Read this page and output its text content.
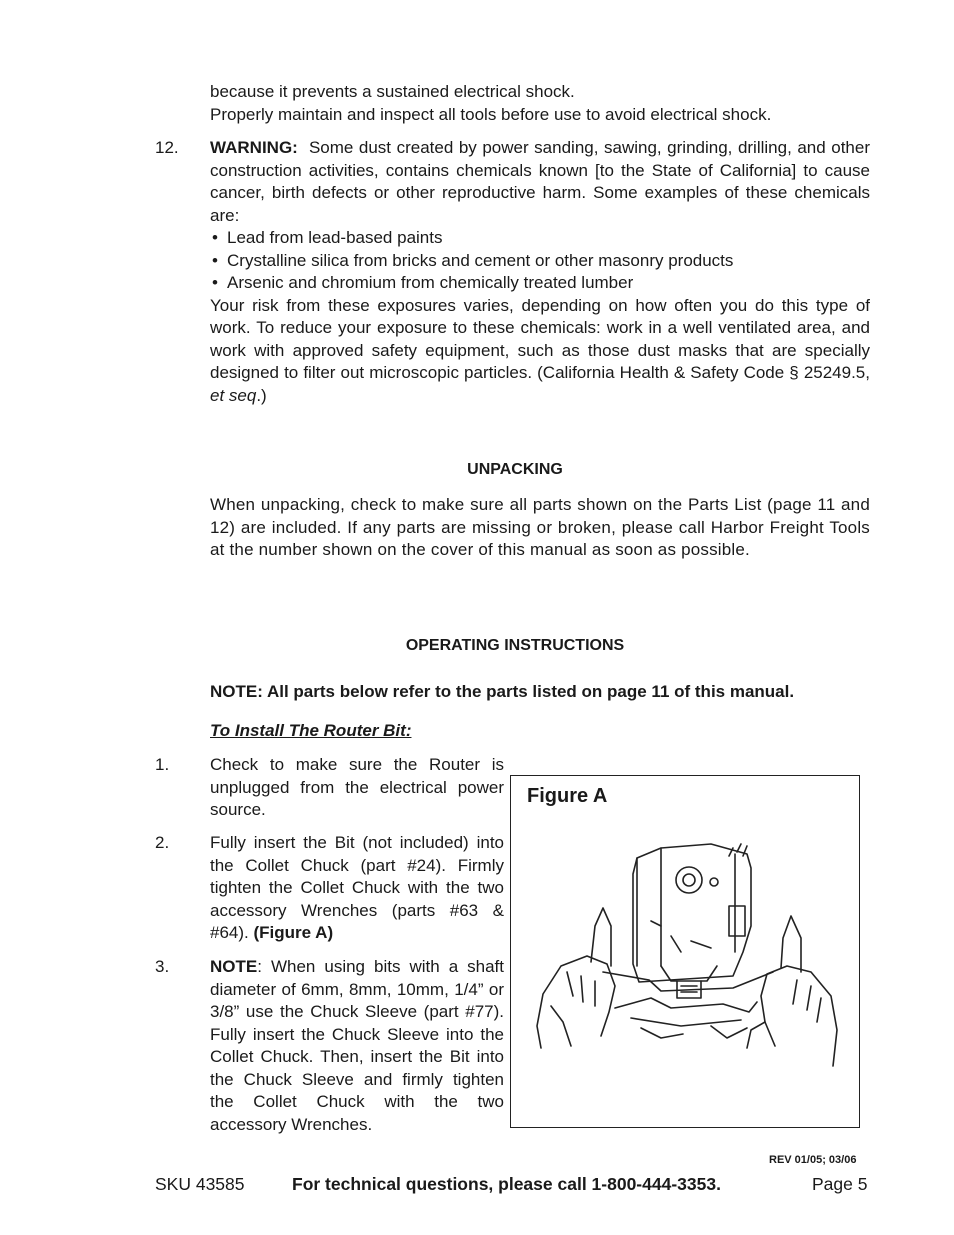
because it prevents a sustained electrical shock.
Properly maintain and inspect all tools before use to avoid electrical shock.
12. WARNING: Some dust created by power sanding, sawing, grinding, drilling, and other construction activities, contains chemicals known [to the State of California] to cause cancer, birth defects or other reproductive harm. Some examples of these chemicals are:
• Lead from lead-based paints
• Crystalline silica from bricks and cement or other masonry products
• Arsenic and chromium from chemically treated lumber
Your risk from these exposures varies, depending on how often you do this type of work. To reduce your exposure to these chemicals: work in a well ventilated area, and work with approved safety equipment, such as those dust masks that are specially designed to filter out microscopic particles. (California Health & Safety Code § 25249.5, et seq.)
UNPACKING
When unpacking, check to make sure all parts shown on the Parts List (page 11 and 12) are included. If any parts are missing or broken, please call Harbor Freight Tools at the number shown on the cover of this manual as soon as possible.
OPERATING INSTRUCTIONS
NOTE: All parts below refer to the parts listed on page 11 of this manual.
To Install The Router Bit:
1. Check to make sure the Router is unplugged from the electrical power source.
2. Fully insert the Bit (not included) into the Collet Chuck (part #24). Firmly tighten the Collet Chuck with the two accessory Wrenches (parts #63 & #64). (Figure A)
3. NOTE: When using bits with a shaft diameter of 6mm, 8mm, 10mm, 1/4” or 3/8” use the Chuck Sleeve (part #77). Fully insert the Chuck Sleeve into the Collet Chuck. Then, insert the Bit into the Chuck Sleeve and firmly tighten the Collet Chuck with the two accessory Wrenches.
Figure A
REV 01/05; 03/06
SKU 43585	For technical questions, please call 1-800-444-3353.	Page 5
